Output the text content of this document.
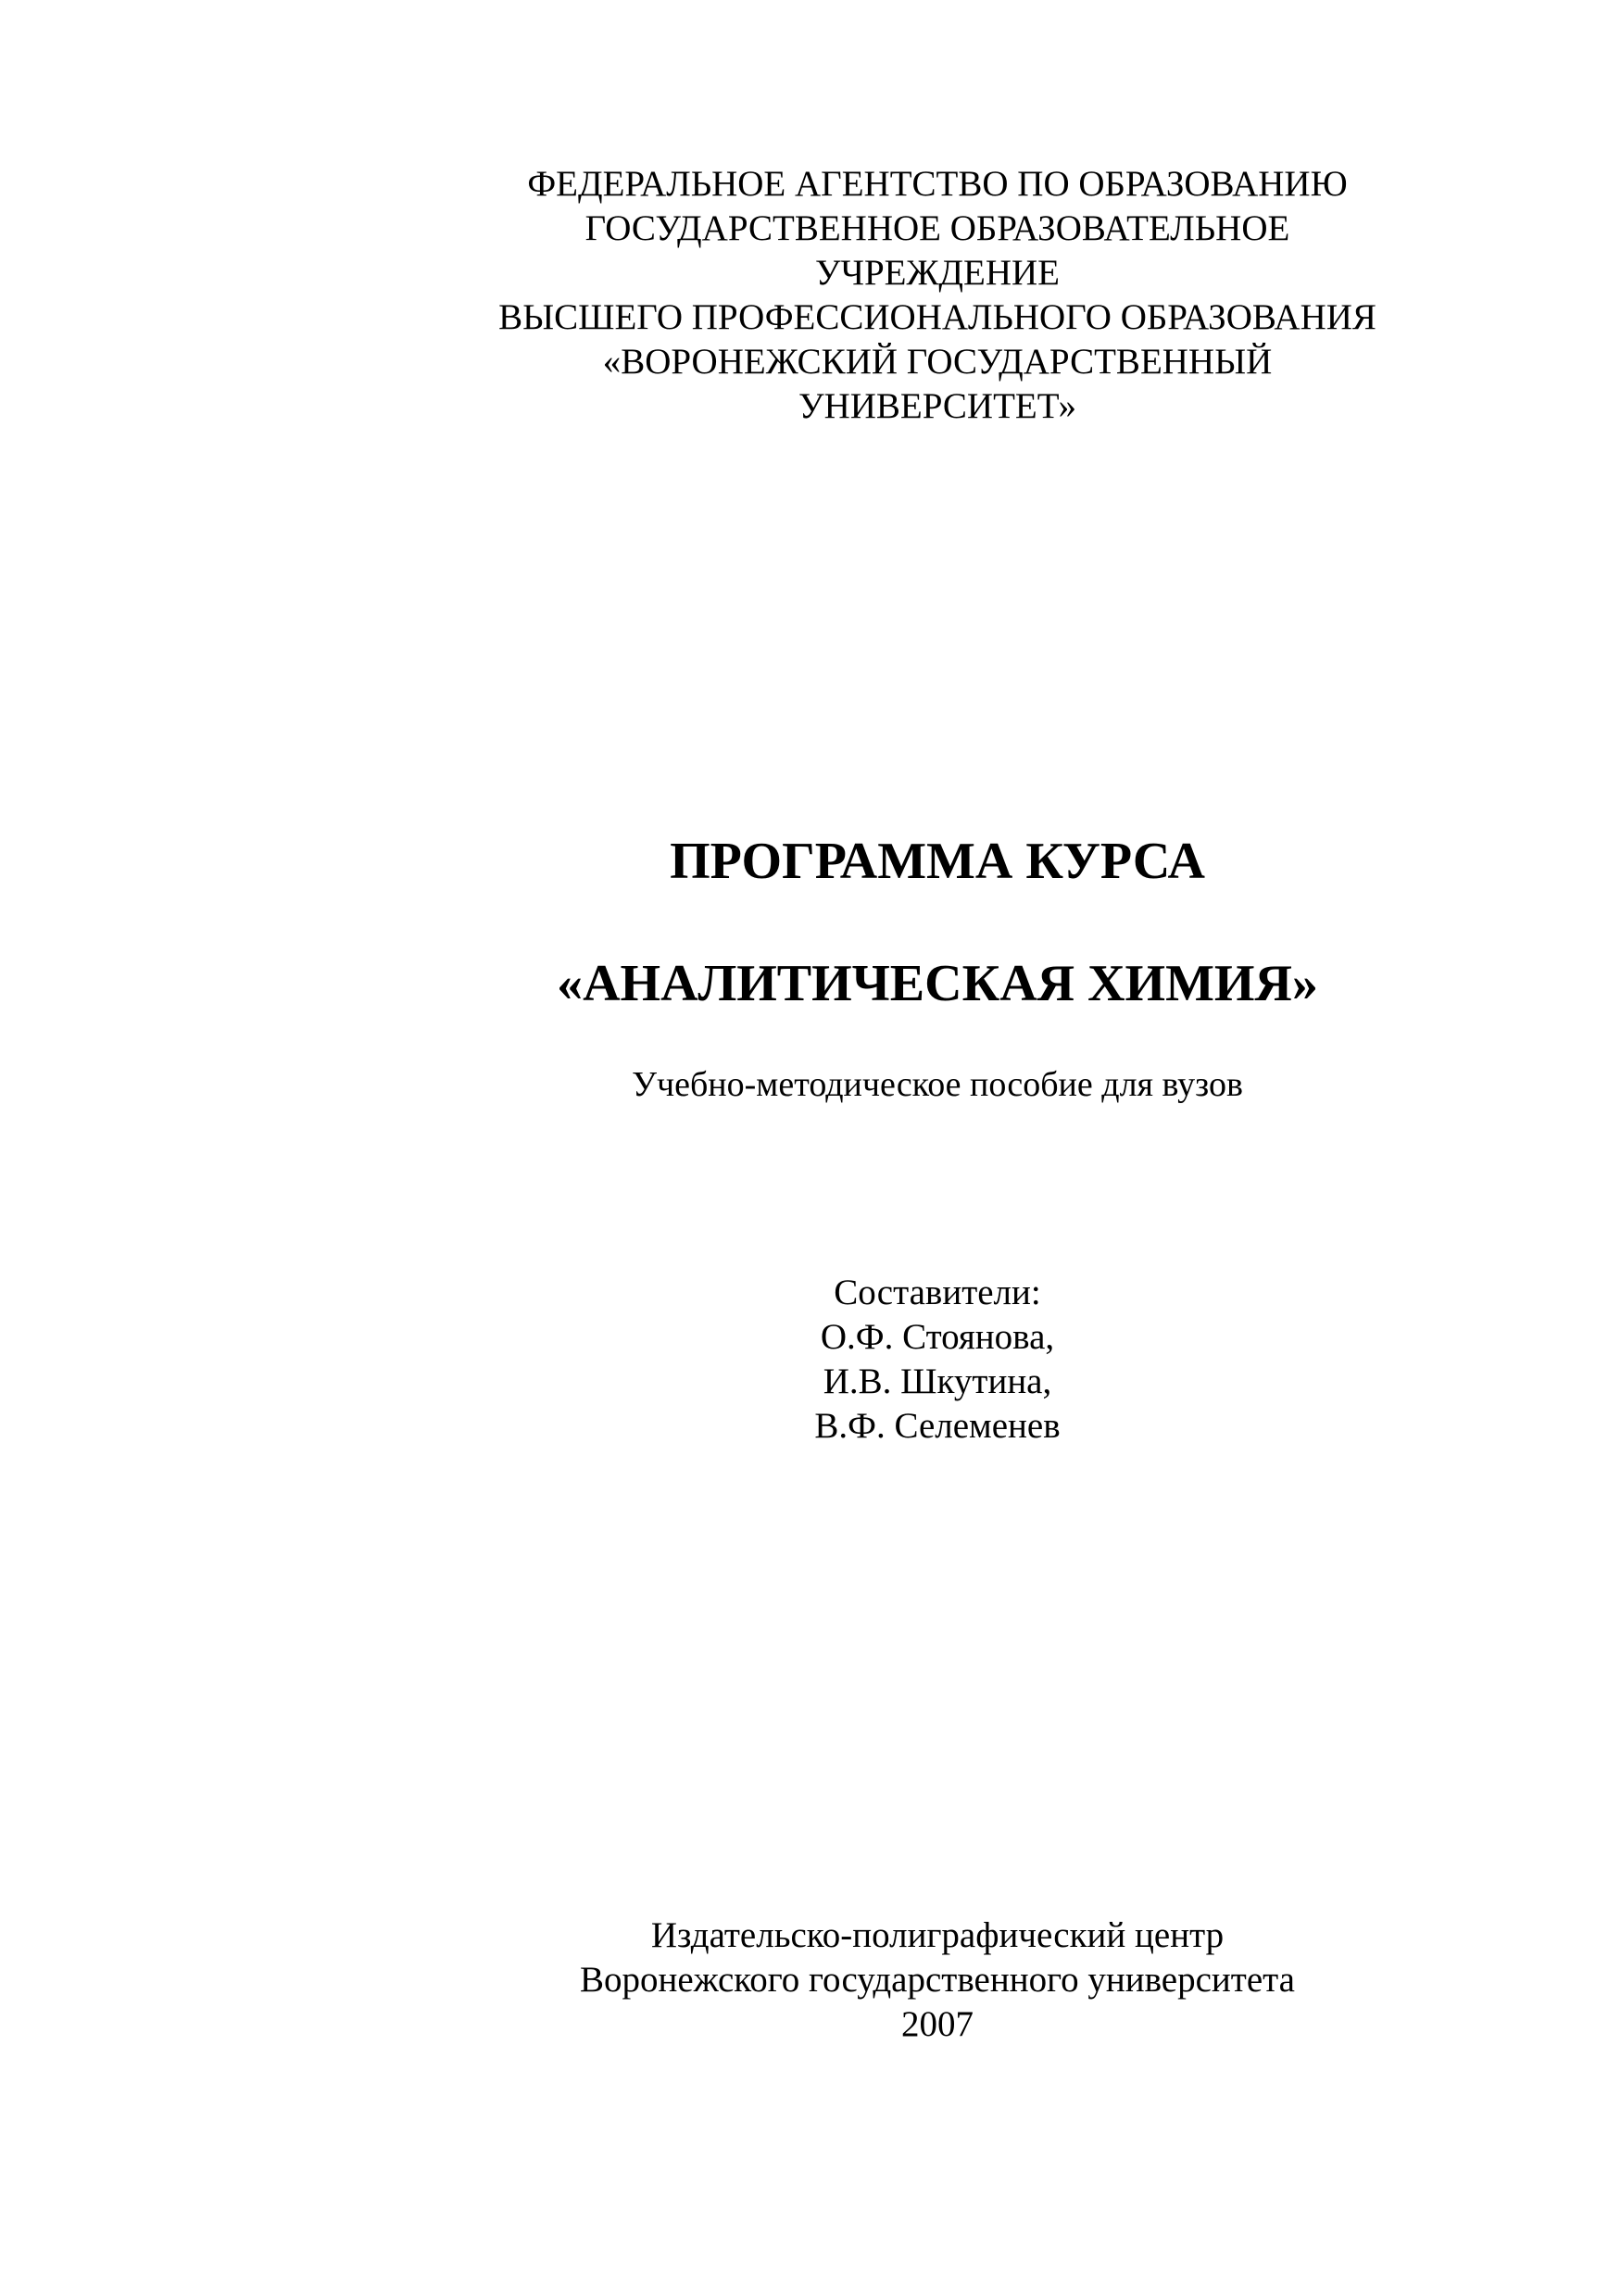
ФЕДЕРАЛЬНОЕ АГЕНТСТВО ПО ОБРАЗОВАНИЮ
ГОСУДАРСТВЕННОЕ ОБРАЗОВАТЕЛЬНОЕ
УЧРЕЖДЕНИЕ
ВЫСШЕГО ПРОФЕССИОНАЛЬНОГО ОБРАЗОВАНИЯ
«ВОРОНЕЖСКИЙ ГОСУДАРСТВЕННЫЙ
УНИВЕРСИТЕТ»
ПРОГРАММА КУРСА
«АНАЛИТИЧЕСКАЯ ХИМИЯ»
Учебно-методическое пособие для вузов
Составители:
О.Ф. Стоянова,
И.В. Шкутина,
В.Ф. Селеменев
Издательско-полиграфический центр
Воронежского государственного университета
2007
